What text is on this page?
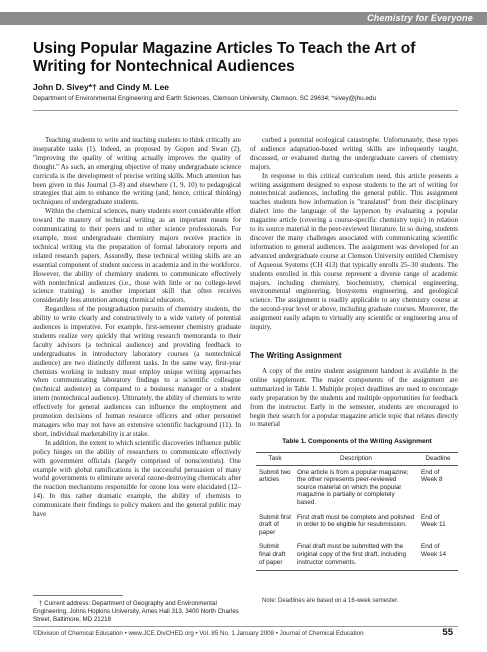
Chemistry for Everyone
Using Popular Magazine Articles To Teach the Art of Writing for Nontechnical Audiences
John D. Sivey*† and Cindy M. Lee
Department of Environmental Engineering and Earth Sciences, Clemson University, Clemson, SC 29634; *sivey@jhu.edu

Teaching students to write and teaching students to think critically are inseparable tasks (1). Indeed, as proposed by Gopen and Swan (2), "improving the quality of writing actually improves the quality of thought." As such, an emerging objective of many undergraduate science curricula is the development of precise writing skills. Much attention has been given in this Journal (3–8) and elsewhere (1, 9, 10) to pedagogical strategies that aim to enhance the writing (and, hence, critical thinking) techniques of undergraduate students.

Within the chemical sciences, many students exert considerable effort toward the mastery of technical writing as an important means for communicating to their peers and to other science professionals. For example, most undergraduate chemistry majors receive practice in technical writing via the preparation of formal laboratory reports and related research papers. Assuredly, these technical writing skills are an essential component of student success in academia and in the workforce. However, the ability of chemistry students to communicate effectively with nontechnical audiences (i.e., those with little or no college-level science training) is another important skill that often receives considerably less attention among chemical educators.

Regardless of the postgraduation pursuits of chemistry students, the ability to write clearly and constructively to a wide variety of potential audiences is imperative. For example, first-semester chemistry graduate students realize very quickly that writing research memoranda to their faculty advisors (a technical audience) and providing feedback to undergraduates in introductory laboratory courses (a nontechnical audience) are two distinctly different tasks. In the same way, first-year chemists working in industry must employ unique writing approaches when communicating laboratory findings to a scientific colleague (technical audience) as compared to a business manager or a student intern (nontechnical audience). Ultimately, the ability of chemists to write effectively for general audiences can influence the employment and promotion decisions of human resource officers and other personnel managers who may not have an extensive scientific background (11). In short, individual marketability is at stake.

In addition, the extent to which scientific discoveries influence public policy hinges on the ability of researchers to communicate effectively with government officials (largely comprised of nonscientists). One example with global ramifications is the successful persuasion of many world governments to eliminate several ozone-destroying chemicals after the reaction mechanisms responsible for ozone loss were elucidated (12–14). In this rather dramatic example, the ability of chemists to communicate their findings to policy makers and the general public may have

curbed a potential ecological catastrophe. Unfortunately, these types of audience adaptation-based writing skills are infrequently taught, discussed, or evaluated during the undergraduate careers of chemistry majors.

In response to this critical curriculum need, this article presents a writing assignment designed to expose students to the art of writing for nontechnical audiences, including the general public. This assignment teaches students how information is "translated" from their disciplinary dialect into the language of the layperson by evaluating a popular magazine article (covering a course-specific chemistry topic) in relation to its source material in the peer-reviewed literature. In so doing, students discover the many challenges associated with communicating scientific information to general audiences. The assignment was developed for an advanced undergraduate course at Clemson University entitled Chemistry of Aqueous Systems (CH 413) that typically enrolls 25–30 students. The students enrolled in this course represent a diverse range of academic majors, including chemistry, biochemistry, chemical engineering, environmental engineering, biosystems engineering, and geological science. The assignment is readily applicable to any chemistry course at the second-year level or above, including graduate courses. Moreover, the assignment easily adapts to virtually any scientific or engineering area of inquiry.

The Writing Assignment

A copy of the entire student assignment handout is available in the online supplement. The major components of the assignment are summarized in Table 1. Multiple project deadlines are used to encourage early preparation by the students and multiple opportunities for feedback from the instructor. Early in the semester, students are encouraged to begin their search for a popular magazine article topic that relates directly to material

† Current address: Department of Geography and Environmental Engineering, Johns Hopkins University, Ames Hall 313, 3400 North Charles Street, Baltimore, MD 21218
Table 1. Components of the Writing Assignment
Task	Description	Deadline
Submit two articles	One article is from a popular magazine; the other represents peer-reviewed source material on which the popular magazine is partially or completely based.	End of Week 8
Submit first draft of paper	First draft must be complete and polished in order to be eligible for resubmission.	End of Week 11
Submit final draft of paper	Final draft must be submitted with the original copy of the first draft, including instructor comments.	End of Week 14
Note: Deadlines are based on a 16-week semester.
©Division of Chemical Education • www.JCE.DivCHED.org • Vol. 85 No. 1 January 2008 • Journal of Chemical Education	55
